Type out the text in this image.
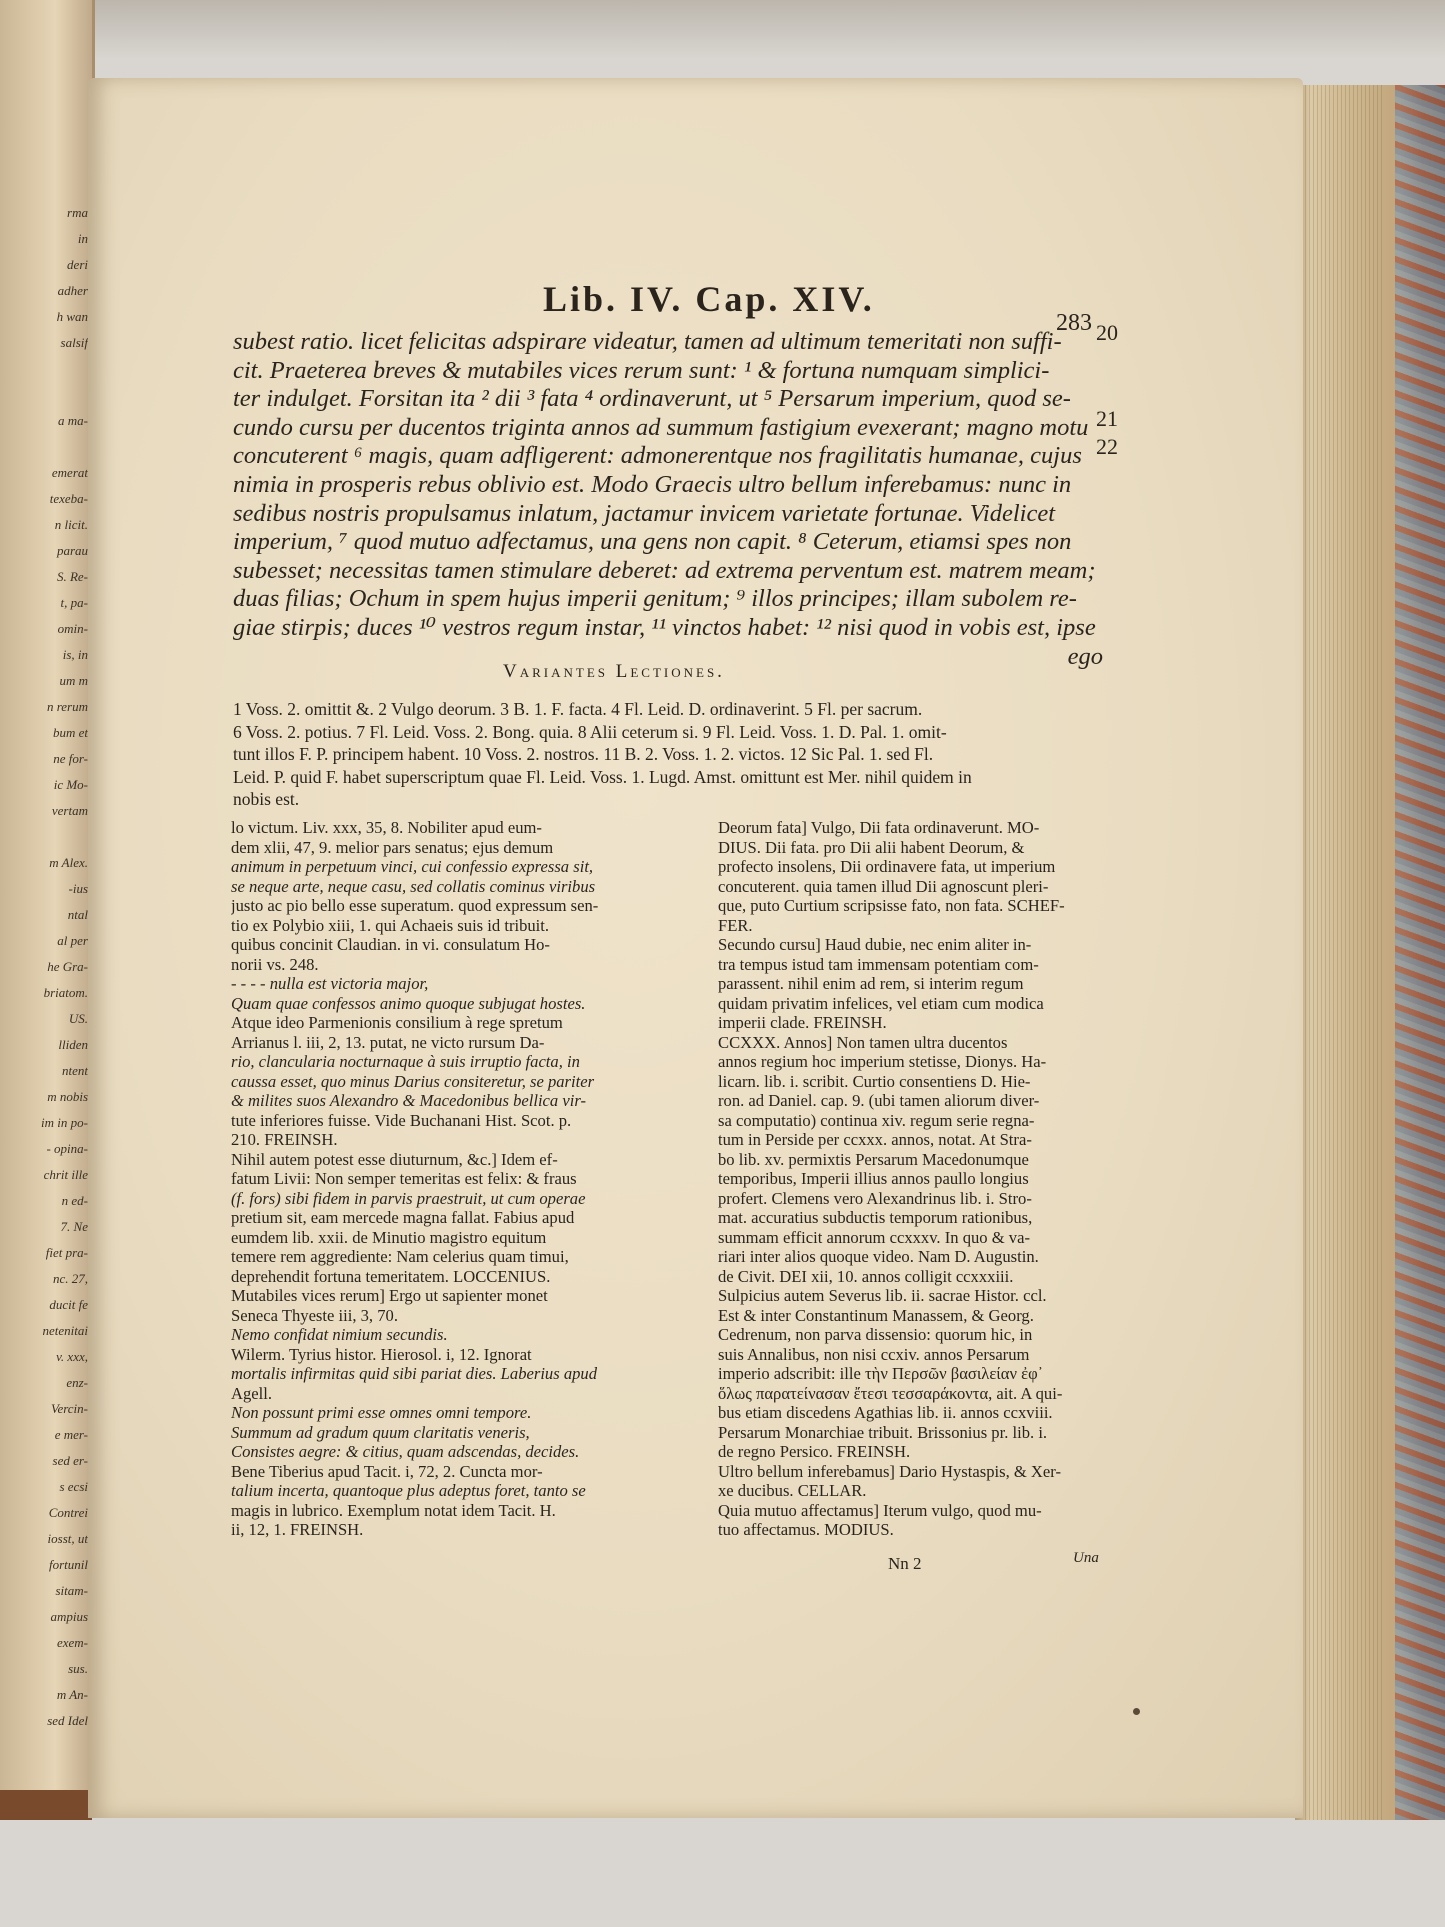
rma
in
deri
adher
h wan
salsif

a ma-

emerat
texeba-
n licit.
parau
S. Re-
t, pa-
omin-
is, in
um m
n rerum
bum et
ne for-
ic Mo-
vertam

m Alex.
-ius
ntal
al per
he Gra-
briatom.
US.
lliden
ntent
m nobis
im in po-
- opina-
chrit ille
n ed-
7. Ne
fiet pra-
nc. 27,
ducit fe
netenitai
v. xxx,
enz-
Vercin-
e mer-
sed er-
s ecsi
Contrei
iosst, ut
fortunil
sitam-
ampius
exem-
sus.
m An-
sed Idel
Lib. IV. Cap. XIV.
283
subest ratio. licet felicitas adspirare videatur, tamen ad ultimum temeritati non suffi-
cit. Praeterea breves & mutabiles vices rerum sunt: ¹ & fortuna numquam simplici-
ter indulget. Forsitan ita ² dii ³ fata ⁴ ordinaverunt, ut ⁵ Persarum imperium, quod se-
cundo cursu per ducentos triginta annos ad summum fastigium evexerant; magno motu
concuterent ⁶ magis, quam adfligerent: admonerentque nos fragilitatis humanae, cujus
nimia in prosperis rebus oblivio est. Modo Graecis ultro bellum inferebamus: nunc in
sedibus nostris propulsamus inlatum, jactamur invicem varietate fortunae. Videlicet
imperium, ⁷ quod mutuo adfectamus, una gens non capit. ⁸ Ceterum, etiamsi spes non
subesset; necessitas tamen stimulare deberet: ad extrema perventum est. matrem meam;
duas filias; Ochum in spem hujus imperii genitum; ⁹ illos principes; illam subolem re-
giae stirpis; duces ¹⁰ vestros regum instar, ¹¹ vinctos habet: ¹² nisi quod in vobis est, ipse
ego
20
21
22
Variantes Lectiones.
1 Voss. 2. omittit &. 2 Vulgo deorum. 3 B. 1. F. facta. 4 Fl. Leid. D. ordinaverint. 5 Fl. per sacrum.
6 Voss. 2. potius. 7 Fl. Leid. Voss. 2. Bong. quia. 8 Alii ceterum si. 9 Fl. Leid. Voss. 1. D. Pal. 1. omit-
tunt illos F. P. principem habent. 10 Voss. 2. nostros. 11 B. 2. Voss. 1. 2. victos. 12 Sic Pal. 1. sed Fl.
Leid. P. quid F. habet superscriptum quae Fl. Leid. Voss. 1. Lugd. Amst. omittunt est Mer. nihil quidem in
nobis est.
lo victum. Liv. xxx, 35, 8. Nobiliter apud eum-
dem xlii, 47, 9. melior pars senatus; ejus demum
animum in perpetuum vinci, cui confessio expressa sit,
se neque arte, neque casu, sed collatis cominus viribus
justo ac pio bello esse superatum. quod expressum sen-
tio ex Polybio xiii, 1. qui Achaeis suis id tribuit.
quibus concinit Claudian. in vi. consulatum Ho-
norii vs. 248.
- - - - nulla est victoria major,
Quam quae confessos animo quoque subjugat hostes.
Atque ideo Parmenionis consilium à rege spretum
Arrianus l. iii, 2, 13. putat, ne victo rursum Da-
rio, clancularia nocturnaque à suis irruptio facta, in
caussa esset, quo minus Darius consiteretur, se pariter
& milites suos Alexandro & Macedonibus bellica vir-
tute inferiores fuisse. Vide Buchanani Hist. Scot. p.
210. FREINSH.
Nihil autem potest esse diuturnum, &c.] Idem ef-
fatum Livii: Non semper temeritas est felix: & fraus
(f. fors) sibi fidem in parvis praestruit, ut cum operae
pretium sit, eam mercede magna fallat. Fabius apud
eumdem lib. xxii. de Minutio magistro equitum
temere rem aggrediente: Nam celerius quam timui,
deprehendit fortuna temeritatem. LOCCENIUS.
Mutabiles vices rerum] Ergo ut sapienter monet
Seneca Thyeste iii, 3, 70.
Nemo confidat nimium secundis.
Wilerm. Tyrius histor. Hierosol. i, 12. Ignorat
mortalis infirmitas quid sibi pariat dies. Laberius apud
Agell.
Non possunt primi esse omnes omni tempore.
Summum ad gradum quum claritatis veneris,
Consistes aegre: & citius, quam adscendas, decides.
Bene Tiberius apud Tacit. i, 72, 2. Cuncta mor-
talium incerta, quantoque plus adeptus foret, tanto se
magis in lubrico. Exemplum notat idem Tacit. H.
ii, 12, 1. FREINSH.
Deorum fata] Vulgo, Dii fata ordinaverunt. MO-
DIUS. Dii fata. pro Dii alii habent Deorum, &
profecto insolens, Dii ordinavere fata, ut imperium
concuterent. quia tamen illud Dii agnoscunt pleri-
que, puto Curtium scripsisse fato, non fata. SCHEF-
FER.
Secundo cursu] Haud dubie, nec enim aliter in-
tra tempus istud tam immensam potentiam com-
parassent. nihil enim ad rem, si interim regum
quidam privatim infelices, vel etiam cum modica
imperii clade. FREINSH.
CCXXX. Annos] Non tamen ultra ducentos
annos regium hoc imperium stetisse, Dionys. Ha-
licarn. lib. i. scribit. Curtio consentiens D. Hie-
ron. ad Daniel. cap. 9. (ubi tamen aliorum diver-
sa computatio) continua xiv. regum serie regna-
tum in Perside per ccxxx. annos, notat. At Stra-
bo lib. xv. permixtis Persarum Macedonumque
temporibus, Imperii illius annos paullo longius
profert. Clemens vero Alexandrinus lib. i. Stro-
mat. accuratius subductis temporum rationibus,
summam efficit annorum ccxxxv. In quo & va-
riari inter alios quoque video. Nam D. Augustin.
de Civit. DEI xii, 10. annos colligit ccxxxiii.
Sulpicius autem Severus lib. ii. sacrae Histor. ccl.
Est & inter Constantinum Manassem, & Georg.
Cedrenum, non parva dissensio: quorum hic, in
suis Annalibus, non nisi ccxiv. annos Persarum
imperio adscribit: ille τὴν Περσῶν βασιλείαν ἐφ᾽
ὅλως παρατείνασαν ἔτεσι τεσσαράκοντα, ait. A qui-
bus etiam discedens Agathias lib. ii. annos ccxviii.
Persarum Monarchiae tribuit. Brissonius pr. lib. i.
de regno Persico. FREINSH.
Ultro bellum inferebamus] Dario Hystaspis, & Xer-
xe ducibus. CELLAR.
Quia mutuo affectamus] Iterum vulgo, quod mu-
tuo affectamus. MODIUS.
Nn 2	Una
